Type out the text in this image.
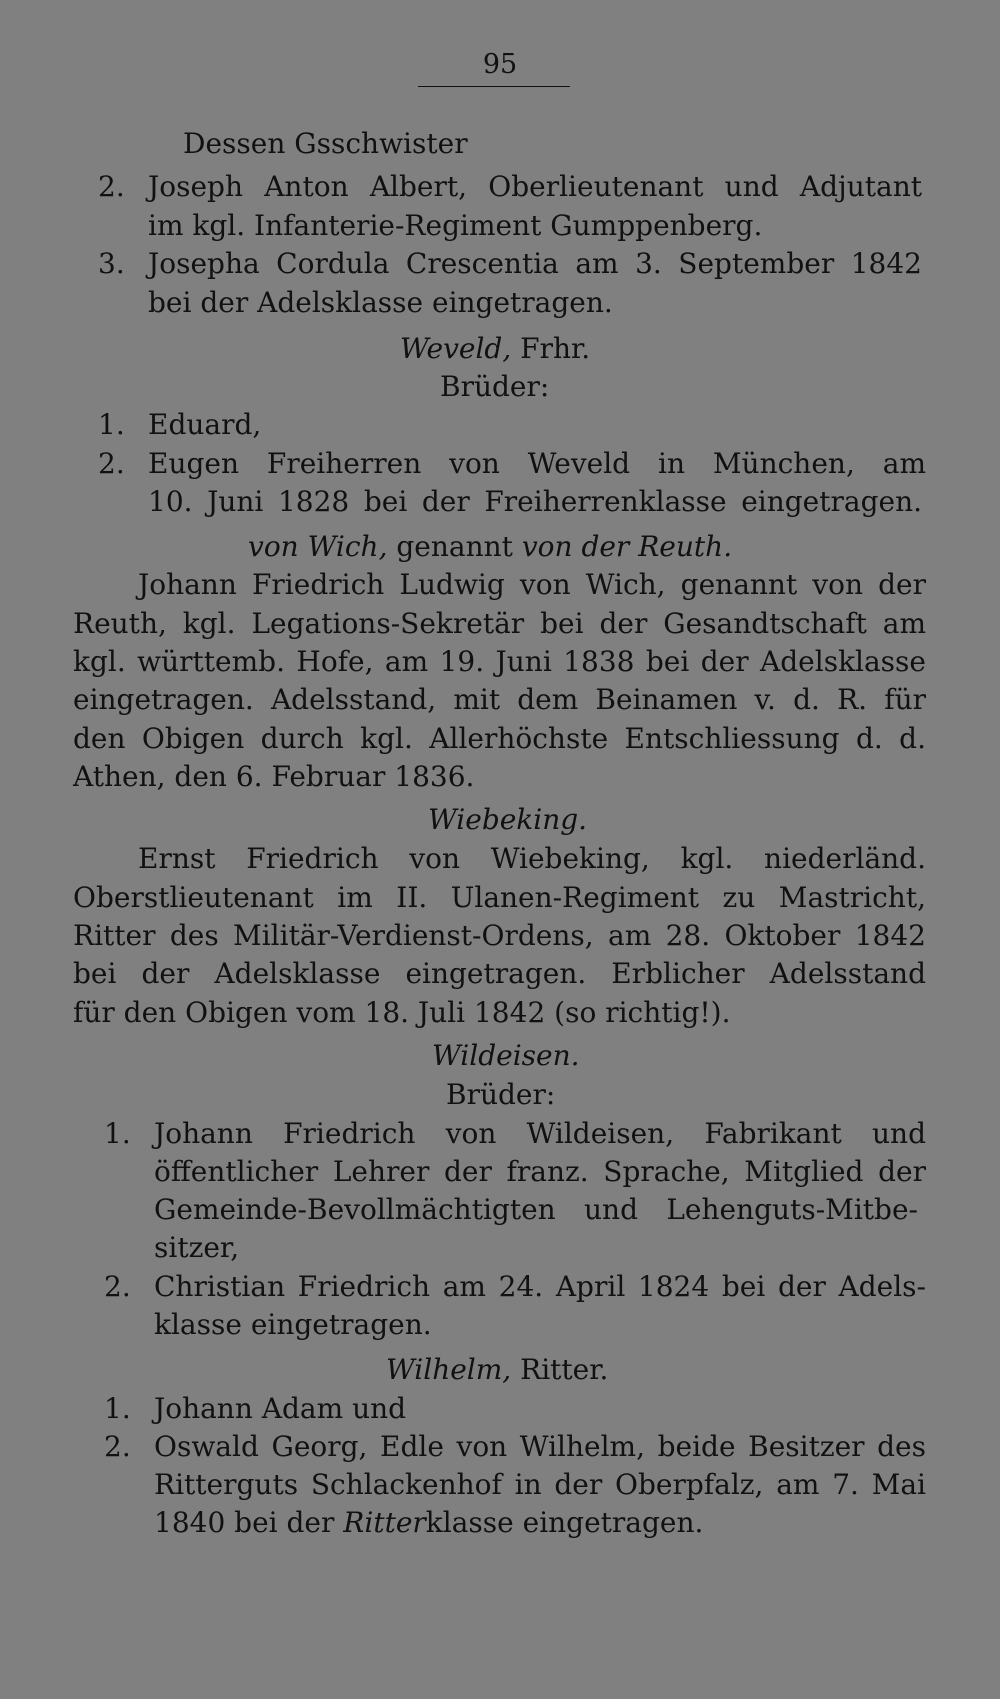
95
Dessen Gsschwister
2. Joseph Anton Albert, Oberlieutenant und Adjutant
im kgl. Infanterie-Regiment Gumppenberg.
3. Josepha Cordula Crescentia am 3. September 1842
bei der Adelsklasse eingetragen.
Weveld, Frhr.
Brüder:
1. Eduard,
2. Eugen Freiherren von Weveld in München, am
10. Juni 1828 bei der Freiherrenklasse eingetragen.
von Wich, genannt von der Reuth.
Johann Friedrich Ludwig von Wich, genannt von der
Reuth, kgl. Legations-Sekretär bei der Gesandtschaft am
kgl. württemb. Hofe, am 19. Juni 1838 bei der Adelsklasse
eingetragen. Adelsstand, mit dem Beinamen v. d. R. für
den Obigen durch kgl. Allerhöchste Entschliessung d. d.
Athen, den 6. Februar 1836.
Wiebeking.
Ernst Friedrich von Wiebeking, kgl. niederländ.
Oberstlieutenant im II. Ulanen-Regiment zu Mastricht,
Ritter des Militär-Verdienst-Ordens, am 28. Oktober 1842
bei der Adelsklasse eingetragen. Erblicher Adelsstand
für den Obigen vom 18. Juli 1842 (so richtig!).
Wildeisen.
Brüder:
1. Johann Friedrich von Wildeisen, Fabrikant und
öffentlicher Lehrer der franz. Sprache, Mitglied der
Gemeinde-Bevollmächtigten und Lehenguts-Mitbe-
sitzer,
2. Christian Friedrich am 24. April 1824 bei der Adels-
klasse eingetragen.
Wilhelm, Ritter.
1. Johann Adam und
2. Oswald Georg, Edle von Wilhelm, beide Besitzer des
Ritterguts Schlackenhof in der Oberpfalz, am 7. Mai
1840 bei der Ritterklasse eingetragen.
